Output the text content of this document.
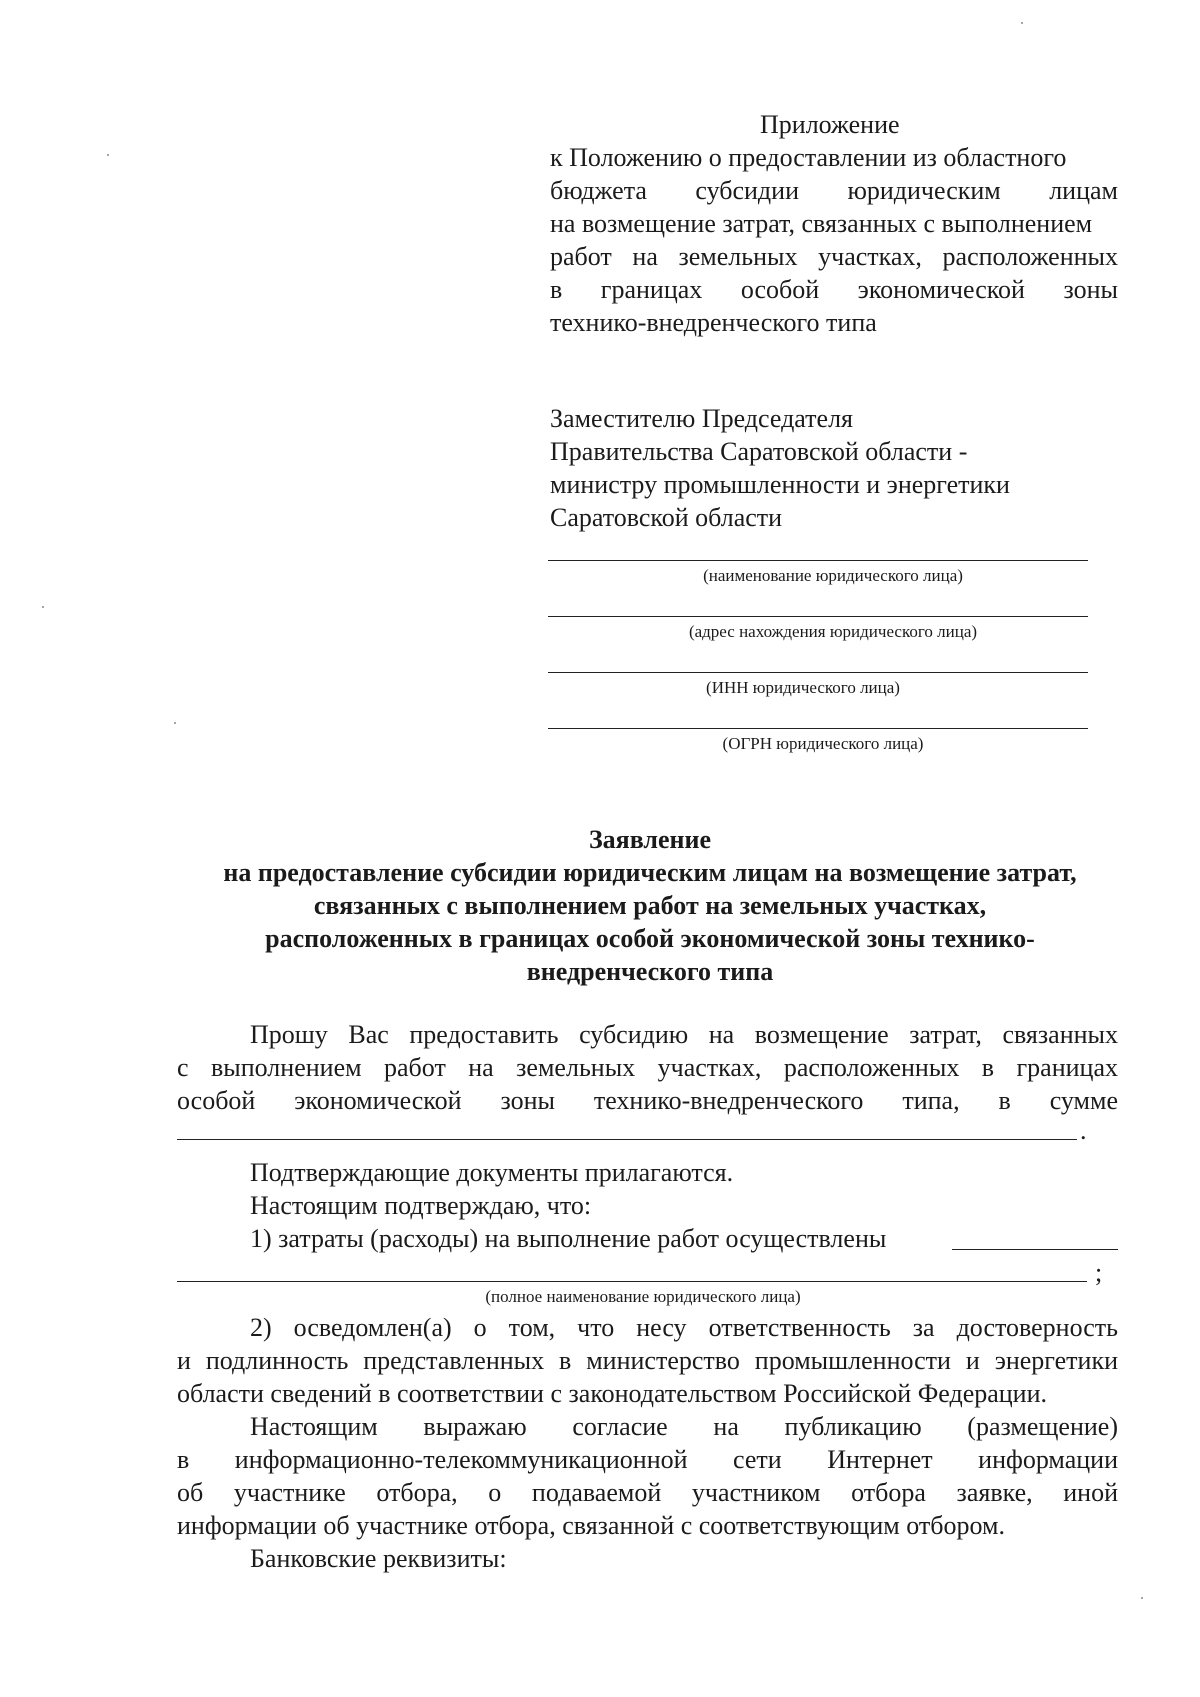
Приложение
к Положению о предоставлении из областного
бюджета субсидии юридическим лицам
на возмещение затрат, связанных с выполнением
работ на земельных участках, расположенных
в границах особой экономической зоны
технико-внедренческого типа
Заместителю Председателя
Правительства Саратовской области -
министру промышленности и энергетики
Саратовской области
(наименование юридического лица)
(адрес нахождения юридического лица)
(ИНН юридического лица)
(ОГРН юридического лица)
Заявление
на предоставление субсидии юридическим лицам на возмещение затрат,
связанных с выполнением работ на земельных участках,
расположенных в границах особой экономической зоны технико-
внедренческого типа
Прошу Вас предоставить субсидию на возмещение затрат, связанных
с выполнением работ на земельных участках, расположенных в границах
особой экономической зоны технико-внедренческого типа, в сумме
.
Подтверждающие документы прилагаются.
Настоящим подтверждаю, что:
1) затраты (расходы) на выполнение работ осуществлены
;
(полное наименование юридического лица)
2) осведомлен(а) о том, что несу ответственность за достоверность
и подлинность представленных в министерство промышленности и энергетики
области сведений в соответствии с законодательством Российской Федерации.
Настоящим выражаю согласие на публикацию (размещение)
в информационно-телекоммуникационной сети Интернет информации
об участнике отбора, о подаваемой участником отбора заявке, иной
информации об участнике отбора, связанной с соответствующим отбором.
Банковские реквизиты:
